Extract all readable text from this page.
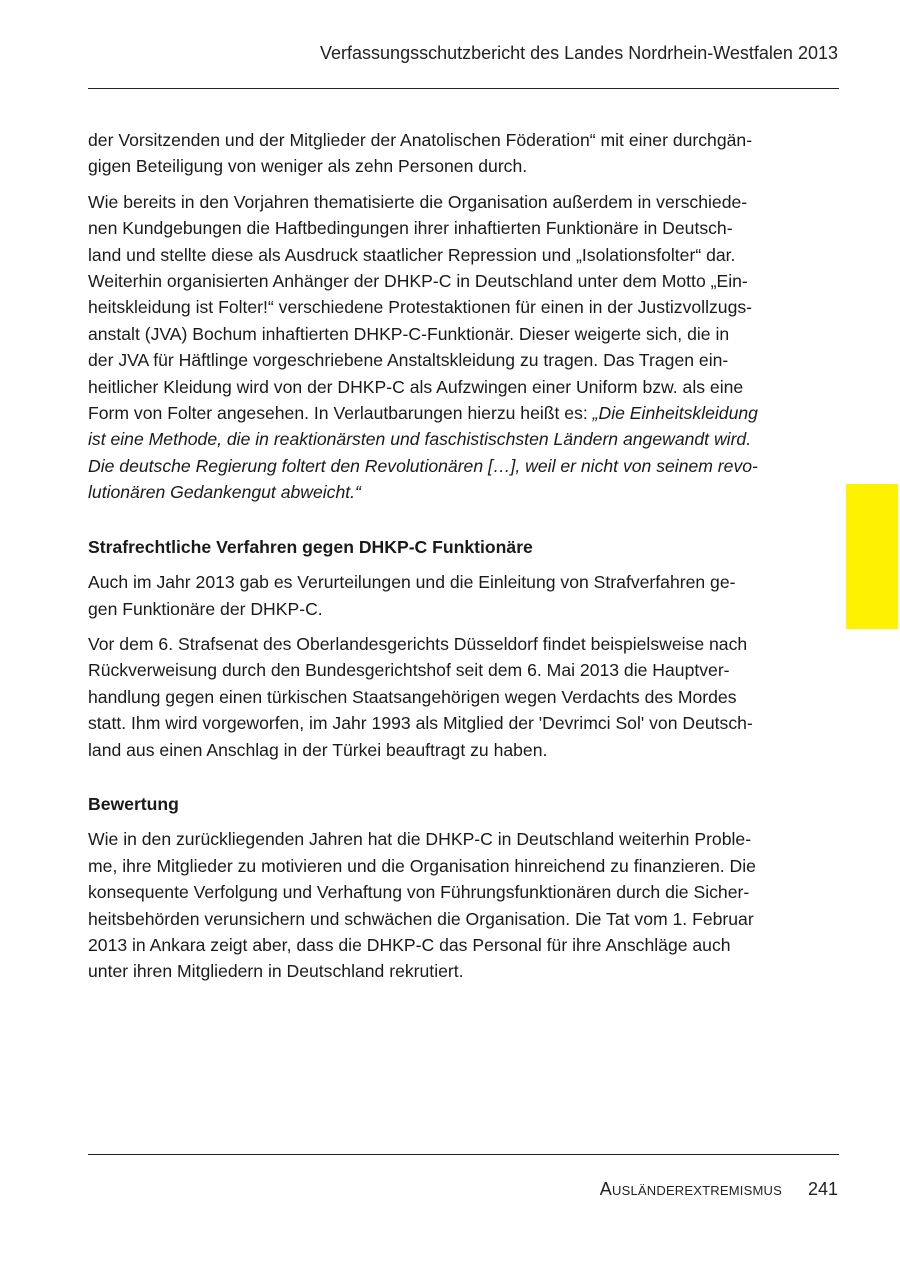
Verfassungsschutzbericht des Landes Nordrhein-Westfalen 2013

der Vorsitzenden und der Mitglieder der Anatolischen Föderation“ mit einer durchgän-
gigen Beteiligung von weniger als zehn Personen durch.

Wie bereits in den Vorjahren thematisierte die Organisation außerdem in verschiede-
nen Kundgebungen die Haftbedingungen ihrer inhaftierten Funktionäre in Deutsch-
land und stellte diese als Ausdruck staatlicher Repression und „Isolationsfolter“ dar.
Weiterhin organisierten Anhänger der DHKP-C in Deutschland unter dem Motto „Ein-
heitskleidung ist Folter!“ verschiedene Protestaktionen für einen in der Justizvollzugs-
anstalt (JVA) Bochum inhaftierten DHKP-C-Funktionär. Dieser weigerte sich, die in
der JVA für Häftlinge vorgeschriebene Anstaltskleidung zu tragen. Das Tragen ein-
heitlicher Kleidung wird von der DHKP-C als Aufzwingen einer Uniform bzw. als eine
Form von Folter angesehen. In Verlautbarungen hierzu heißt es: „Die Einheitskleidung
ist eine Methode, die in reaktionärsten und faschistischsten Ländern angewandt wird.
Die deutsche Regierung foltert den Revolutionären […], weil er nicht von seinem revo-
lutionären Gedankengut abweicht.“

Strafrechtliche Verfahren gegen DHKP-C Funktionäre

Auch im Jahr 2013 gab es Verurteilungen und die Einleitung von Strafverfahren ge-
gen Funktionäre der DHKP-C.

Vor dem 6. Strafsenat des Oberlandesgerichts Düsseldorf findet beispielsweise nach
Rückverweisung durch den Bundesgerichtshof seit dem 6. Mai 2013 die Hauptver-
handlung gegen einen türkischen Staatsangehörigen wegen Verdachts des Mordes
statt. Ihm wird vorgeworfen, im Jahr 1993 als Mitglied der 'Devrimci Sol' von Deutsch-
land aus einen Anschlag in der Türkei beauftragt zu haben.

Bewertung

Wie in den zurückliegenden Jahren hat die DHKP-C in Deutschland weiterhin Proble-
me, ihre Mitglieder zu motivieren und die Organisation hinreichend zu finanzieren. Die
konsequente Verfolgung und Verhaftung von Führungsfunktionären durch die Sicher-
heitsbehörden verunsichern und schwächen die Organisation. Die Tat vom 1. Februar
2013 in Ankara zeigt aber, dass die DHKP-C das Personal für ihre Anschläge auch
unter ihren Mitgliedern in Deutschland rekrutiert.

Ausländerextremismus 241
